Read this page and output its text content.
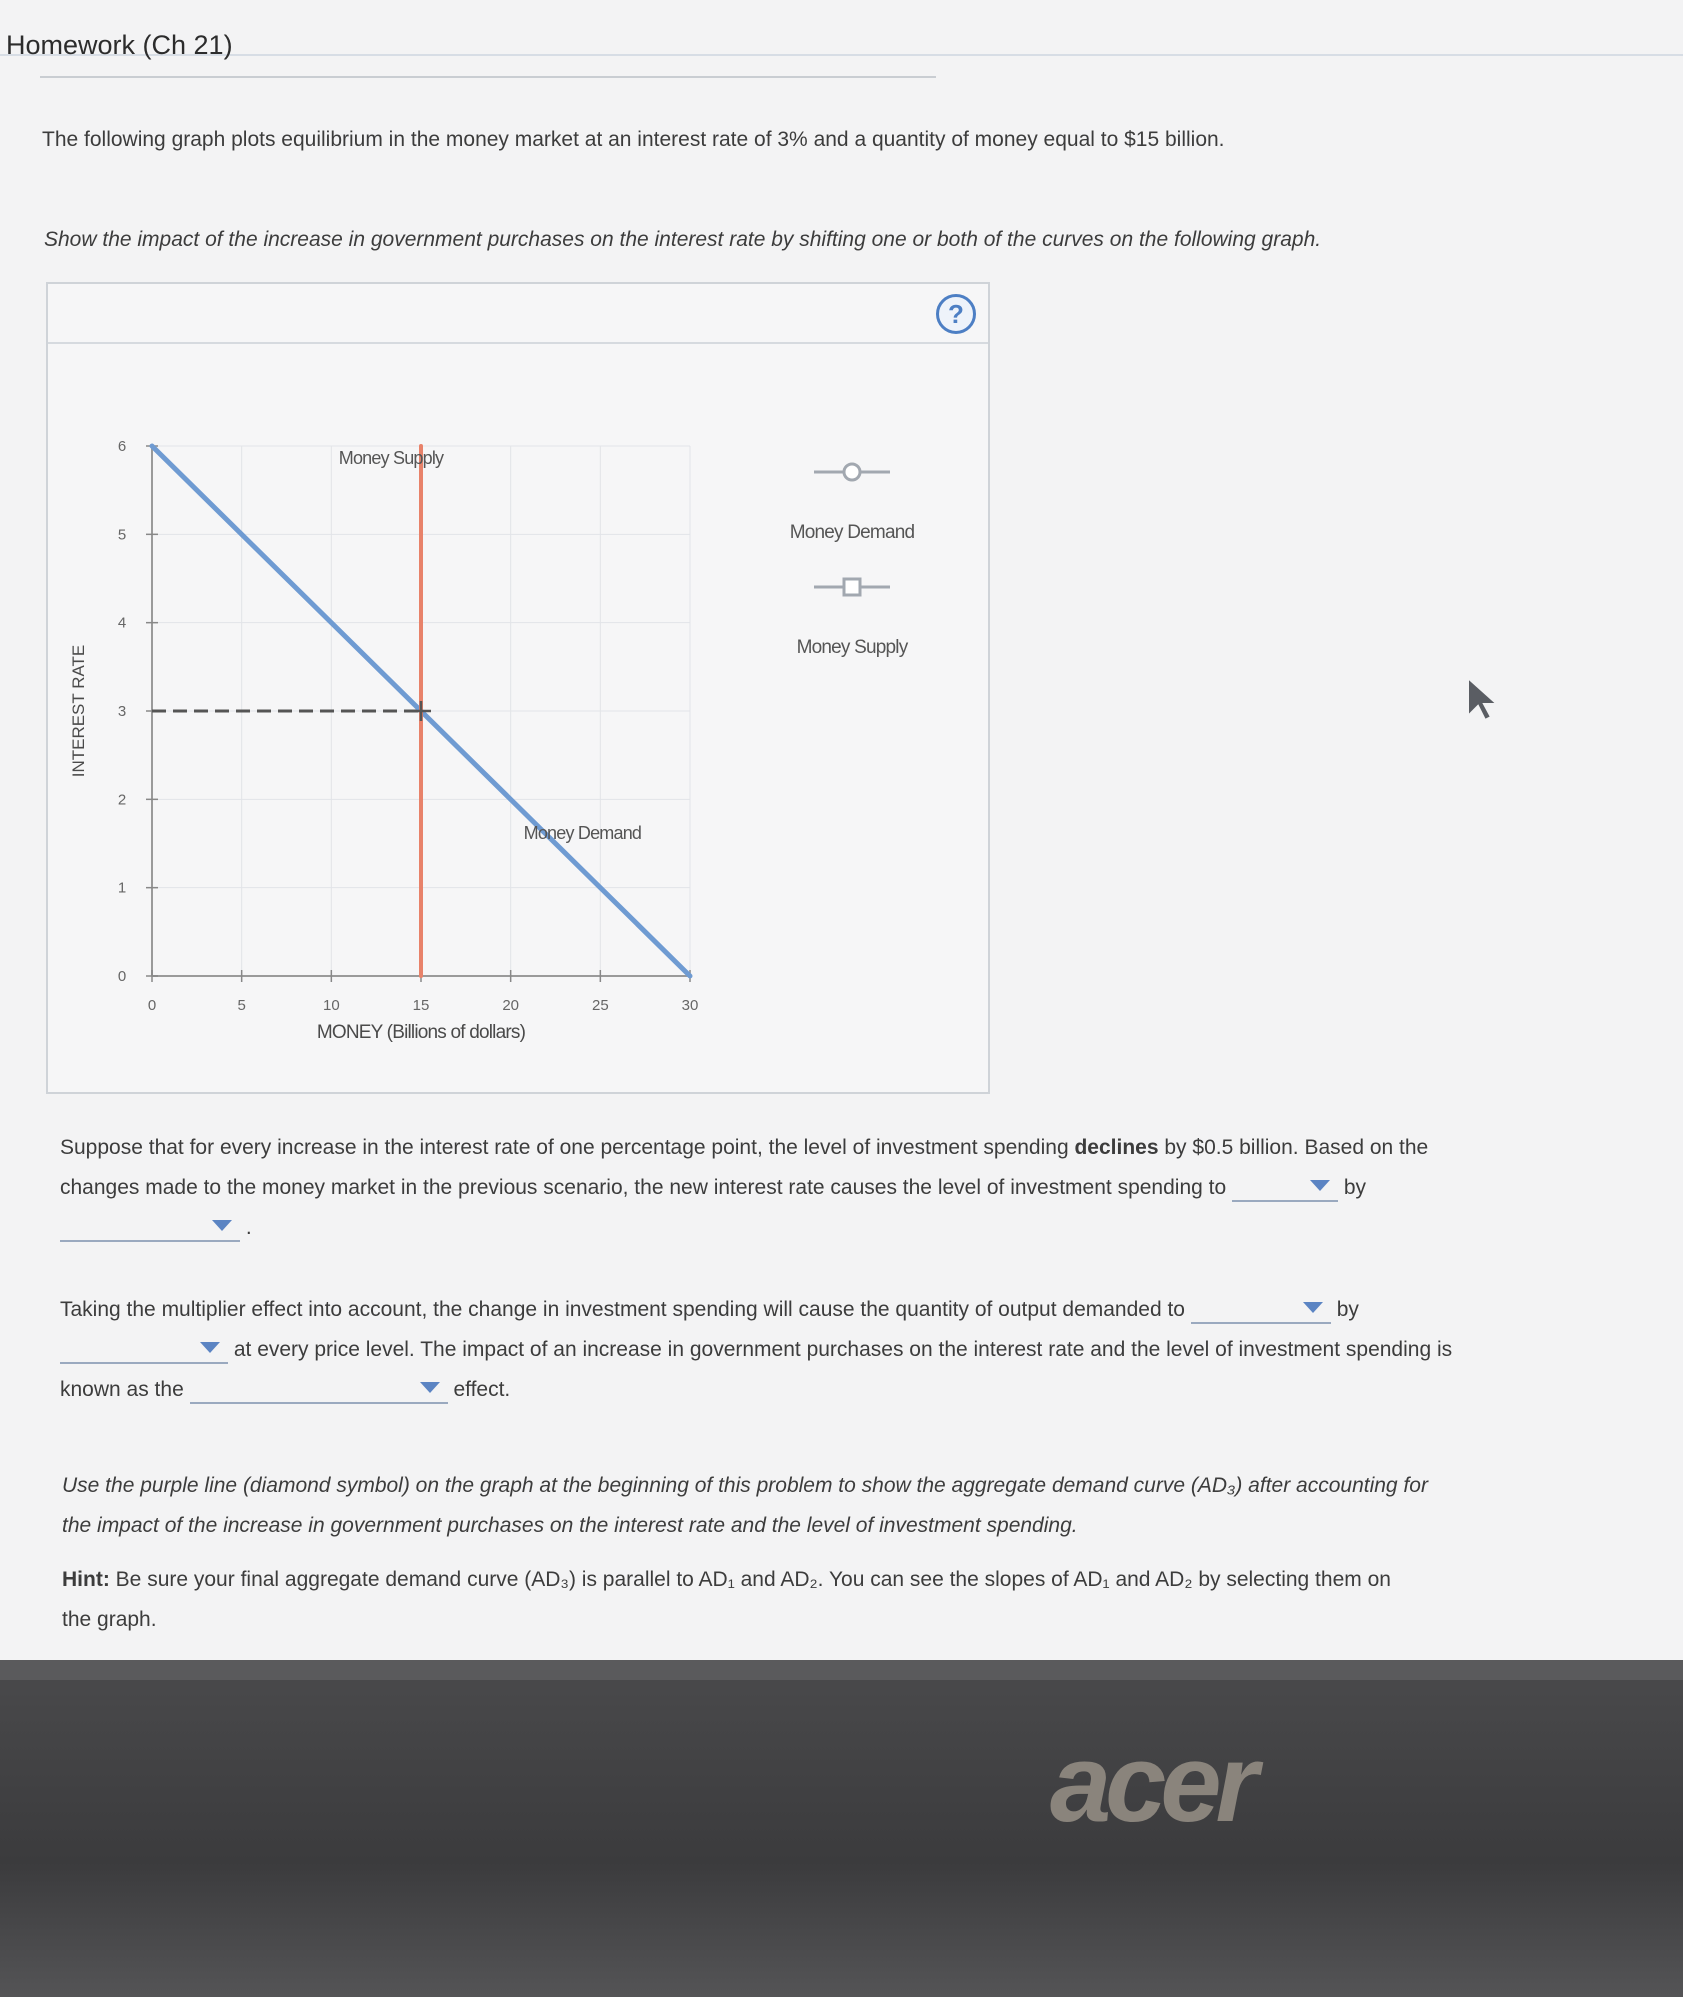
Homework (Ch 21)
The following graph plots equilibrium in the money market at an interest rate of 3% and a quantity of money equal to $15 billion.
Show the impact of the increase in government purchases on the interest rate by shifting one or both of the curves on the following graph.
?
0	5	10	15	20	25	30
0
1
2
3
4
5
6
MONEY (Billions of dollars)
INTEREST RATE
Money Supply
Money Demand
Money Demand
Money Supply
Suppose that for every increase in the interest rate of one percentage point, the level of investment spending declines by $0.5 billion. Based on the
changes made to the money market in the previous scenario, the new interest rate causes the level of investment spending to	by
.
Taking the multiplier effect into account, the change in investment spending will cause the quantity of output demanded to	by
at every price level. The impact of an increase in government purchases on the interest rate and the level of investment spending is
known as the	effect.
Use the purple line (diamond symbol) on the graph at the beginning of this problem to show the aggregate demand curve (AD₃) after accounting for
the impact of the increase in government purchases on the interest rate and the level of investment spending.
Hint: Be sure your final aggregate demand curve (AD₃) is parallel to AD₁ and AD₂. You can see the slopes of AD₁ and AD₂ by selecting them on
the graph.
acer
